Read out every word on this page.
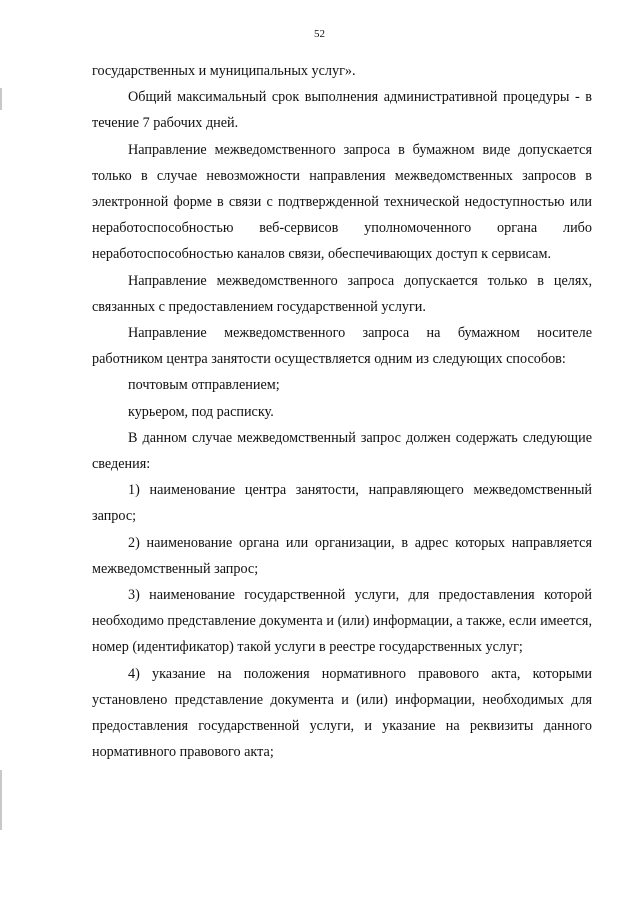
52

государственных и муниципальных услуг».

Общий максимальный срок выполнения административной процедуры - в течение 7 рабочих дней.

Направление межведомственного запроса в бумажном виде допускается только в случае невозможности направления межведомственных запросов в электронной форме в связи с подтвержденной технической недоступностью или неработоспособностью веб-сервисов уполномоченного органа либо неработоспособностью каналов связи, обеспечивающих доступ к сервисам.

Направление межведомственного запроса допускается только в целях, связанных с предоставлением государственной услуги.

Направление межведомственного запроса на бумажном носителе работником центра занятости осуществляется одним из следующих способов:

почтовым отправлением;

курьером, под расписку.

В данном случае межведомственный запрос должен содержать следующие сведения:

1) наименование центра занятости, направляющего межведомственный запрос;

2) наименование органа или организации, в адрес которых направляется межведомственный запрос;

3) наименование государственной услуги, для предоставления которой необходимо представление документа и (или) информации, а также, если имеется, номер (идентификатор) такой услуги в реестре государственных услуг;

4) указание на положения нормативного правового акта, которыми установлено представление документа и (или) информации, необходимых для предоставления государственной услуги, и указание на реквизиты данного нормативного правового акта;
